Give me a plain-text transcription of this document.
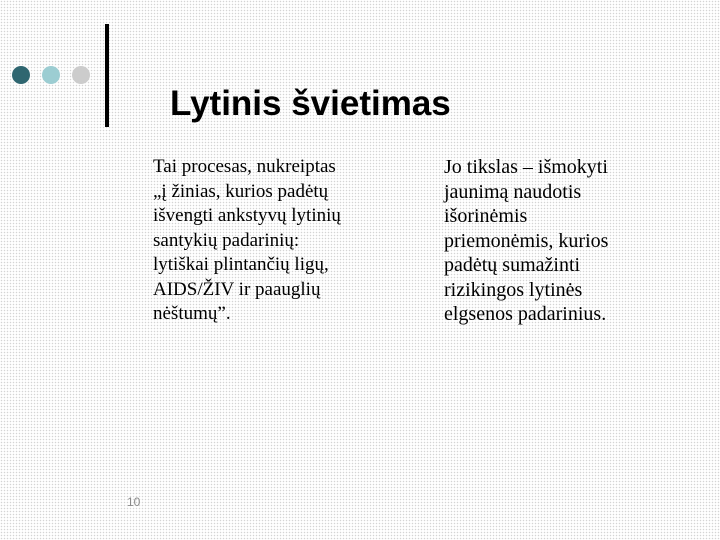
Lytinis švietimas
Tai procesas, nukreiptas
„į žinias, kurios padėtų
išvengti ankstyvų lytinių
santykių padarinių:
lytiškai plintančių ligų,
AIDS/ŽIV ir paauglių
nėštumų”.
Jo tikslas – išmokyti
jaunimą naudotis
išorinėmis
priemonėmis, kurios
padėtų sumažinti
rizikingos lytinės
elgsenos padarinius.
10
